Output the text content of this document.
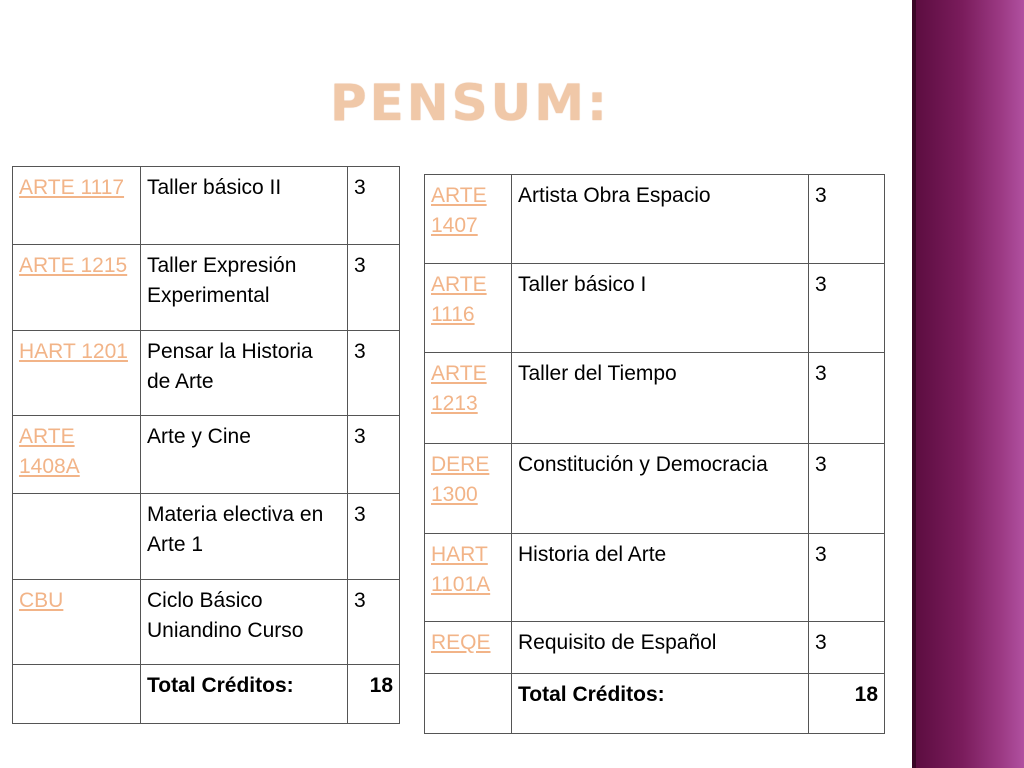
PENSUM:
ARTE 1117	Taller básico II	3
ARTE 1215	Taller Expresión Experimental	3
HART 1201	Pensar la Historia de Arte	3
ARTE 1408A	Arte y Cine	3
	Materia electiva en Arte 1	3
CBU	Ciclo Básico Uniandino Curso	3
	Total Créditos:	18
ARTE 1407	Artista Obra Espacio	3
ARTE 1116	Taller básico I	3
ARTE 1213	Taller del Tiempo	3
DERE 1300	Constitución y Democracia	3
HART 1101A	Historia del Arte	3
REQE	Requisito de Español	3
	Total Créditos:	18
